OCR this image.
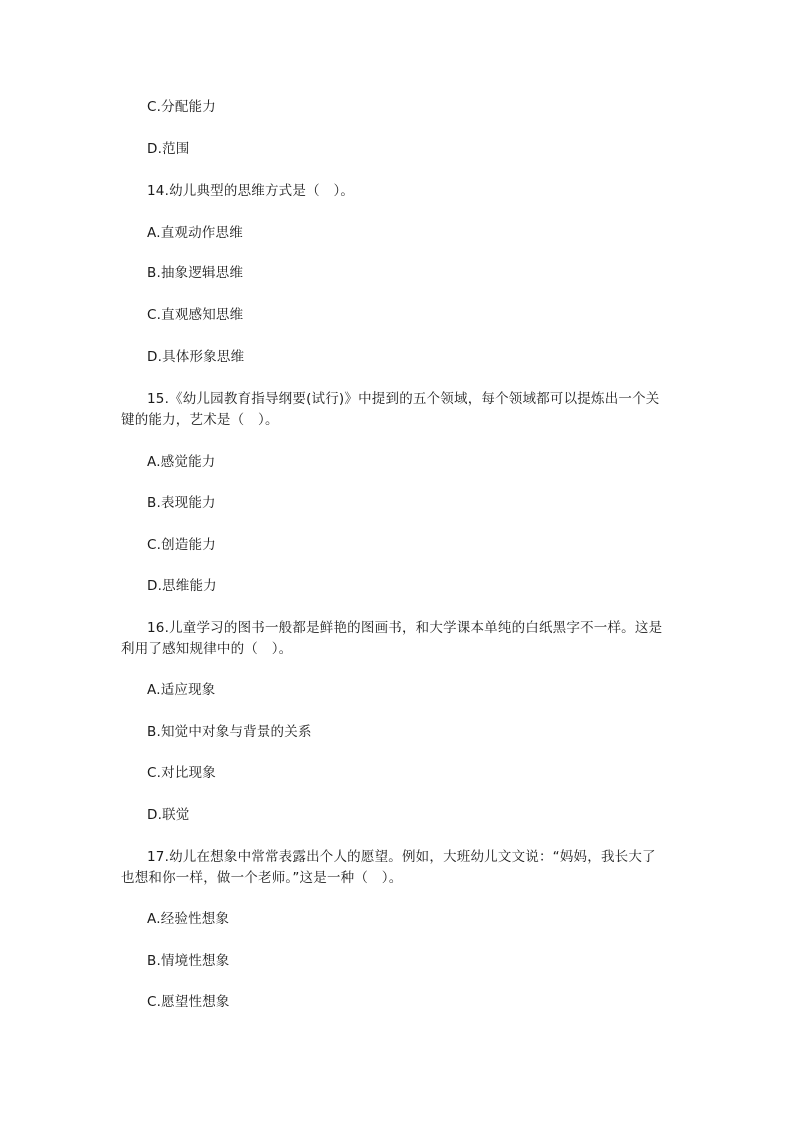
C.分配能力

D.范围

14.幼儿典型的思维方式是（　）。

A.直观动作思维

B.抽象逻辑思维

C.直观感知思维

D.具体形象思维

15.《幼儿园教育指导纲要(试行)》中提到的五个领域，每个领域都可以提炼出一个关

键的能力，艺术是（　）。

A.感觉能力

B.表现能力

C.创造能力

D.思维能力

16.儿童学习的图书一般都是鲜艳的图画书，和大学课本单纯的白纸黑字不一样。这是

利用了感知规律中的（　）。

A.适应现象

B.知觉中对象与背景的关系

C.对比现象

D.联觉

17.幼儿在想象中常常表露出个人的愿望。例如，大班幼儿文文说：“妈妈，我长大了

也想和你一样，做一个老师。”这是一种（　）。

A.经验性想象

B.情境性想象

C.愿望性想象
